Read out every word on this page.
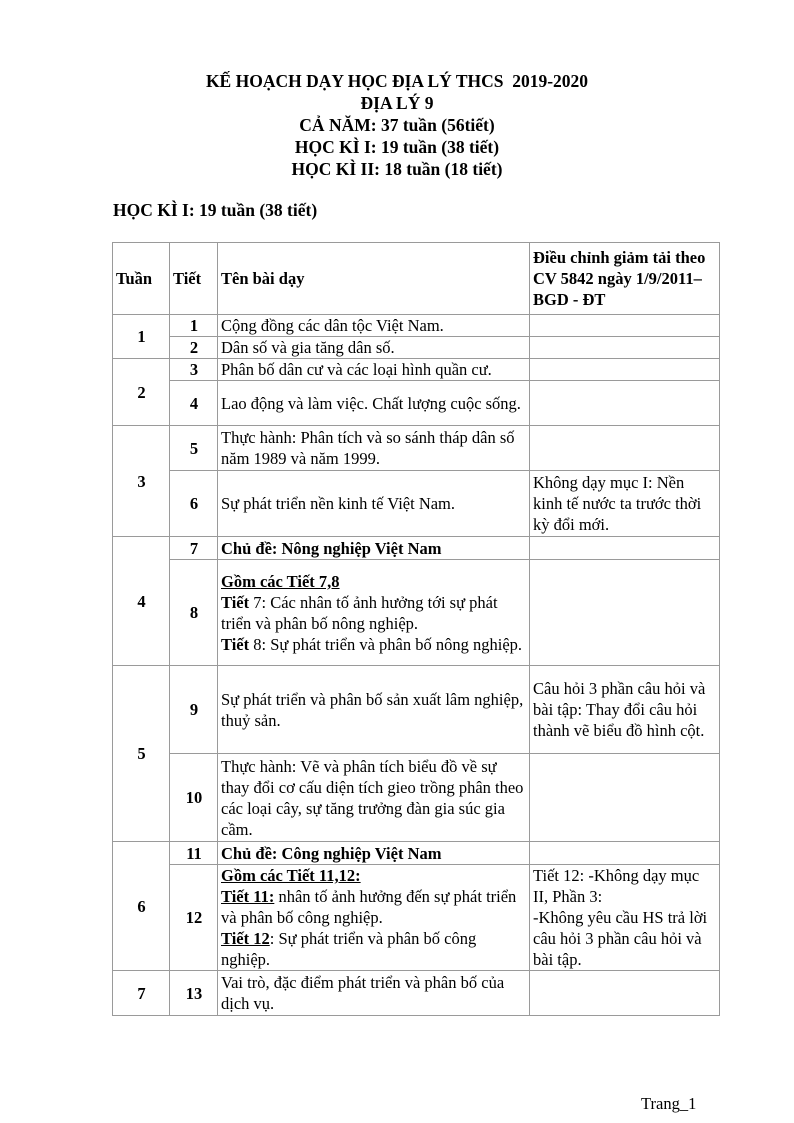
KẾ HOẠCH DẠY HỌC ĐỊA LÝ THCS  2019-2020
ĐỊA LÝ 9
CẢ NĂM: 37 tuần (56tiết)
HỌC KÌ I: 19 tuần (38 tiết)
HỌC KÌ II: 18 tuần (18 tiết)
HỌC KÌ I: 19 tuần (38 tiết)
Tuần	Tiết	Tên bài dạy	Điều chỉnh giảm tải theo CV 5842 ngày 1/9/2011–BGD - ĐT
1	1	Cộng đồng các dân tộc Việt Nam.	
	2	Dân số và gia tăng dân số.	
2	3	Phân bố dân cư và các loại hình quần cư.	
	4	Lao động và làm việc. Chất lượng cuộc sống.	
3	5	Thực hành: Phân tích và so sánh tháp dân số năm 1989 và năm 1999.	
	6	Sự phát triển nền kinh tế Việt Nam.	Không dạy mục I: Nền kinh tế nước ta trước thời kỳ đổi mới.
4	7	Chủ đề: Nông nghiệp Việt Nam	
	8	Gồm các Tiết 7,8
Tiết 7: Các nhân tố ảnh hưởng tới sự phát triển và phân bố nông nghiệp.
Tiết 8: Sự phát triển và phân bố nông nghiệp.	
5	9	Sự phát triển và phân bố sản xuất lâm nghiệp, thuỷ sản.	Câu hỏi 3 phần câu hỏi và bài tập: Thay đổi câu hỏi thành vẽ biểu đồ hình cột.
	10	Thực hành: Vẽ và phân tích biểu đồ về sự thay đổi cơ cấu diện tích gieo trồng phân theo các loại cây, sự tăng trưởng đàn gia súc gia cầm.	
6	11	Chủ đề: Công nghiệp Việt Nam	
	12	Gồm các Tiết 11,12:
Tiết 11: nhân tố ảnh hưởng đến sự phát triển và phân bố công nghiệp.
Tiết 12: Sự phát triển và phân bố công nghiệp.	Tiết 12: -Không dạy mục II, Phần 3:
-Không yêu cầu HS trả lời câu hỏi 3 phần câu hỏi và bài tập.
7	13	Vai trò, đặc điểm phát triển và phân bố của dịch vụ.	
Trang_1
